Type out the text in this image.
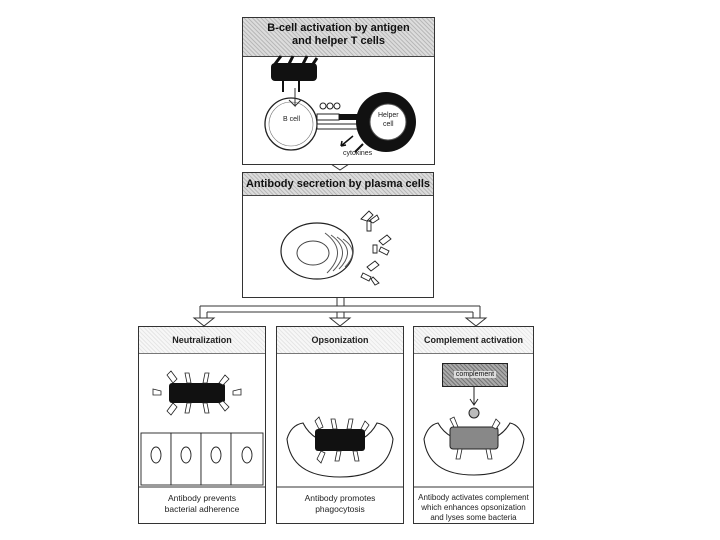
B-cell activation by antigen
and helper T cells
B cell
Helper
cell
cytokines
Antibody secretion by plasma cells
Neutralization
Antibody prevents
bacterial adherence
Opsonization
Antibody promotes
phagocytosis
Complement activation
complement
Antibody activates complement
which enhances opsonization
and lyses some bacteria
